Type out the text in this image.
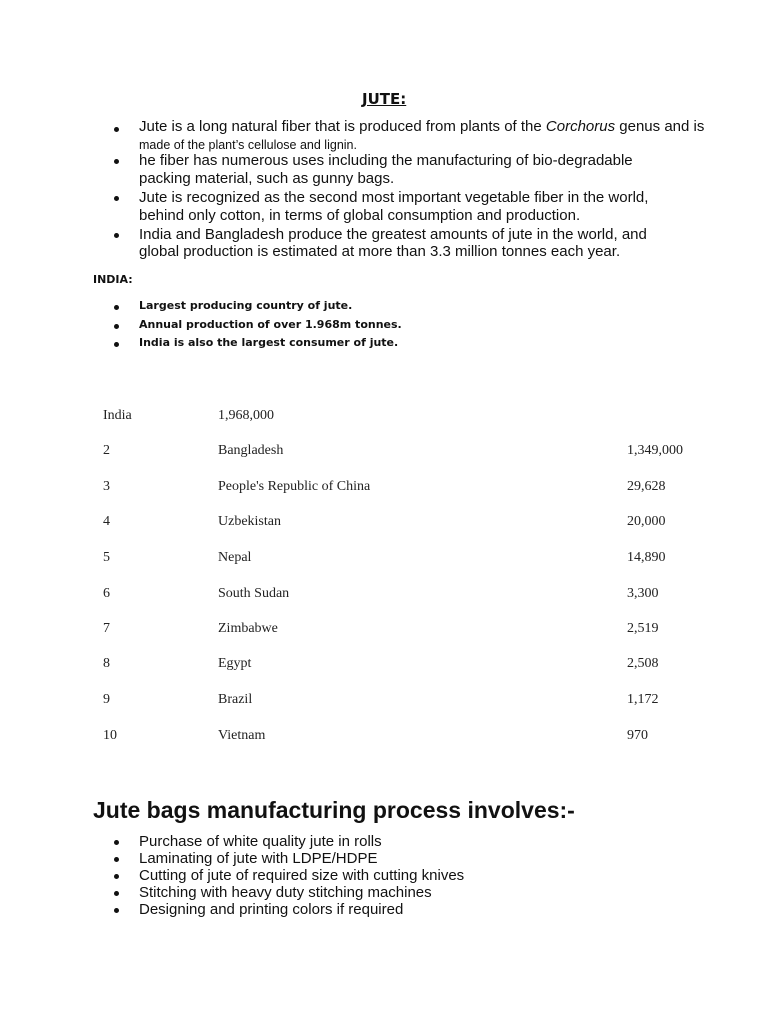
JUTE:
Jute is a long natural fiber that is produced from plants of the Corchorus genus and is
made of the plant’s cellulose and lignin.
he fiber has numerous uses including the manufacturing of bio-degradable
packing material, such as gunny bags.
Jute is recognized as the second most important vegetable fiber in the world,
behind only cotton, in terms of global consumption and production.
India and Bangladesh produce the greatest amounts of jute in the world, and
global production is estimated at more than 3.3 million tonnes each year.
INDIA:
Largest producing country of jute.
Annual production of over 1.968m tonnes.
India is also the largest consumer of jute.
India	1,968,000
2	Bangladesh	1,349,000
3	People's Republic of China	29,628
4	Uzbekistan	20,000
5	Nepal	14,890
6	South Sudan	3,300
7	Zimbabwe	2,519
8	Egypt	2,508
9	Brazil	1,172
10	Vietnam	970
Jute bags manufacturing process involves:-
Purchase of white quality jute in rolls
Laminating of jute with LDPE/HDPE
Cutting of jute of required size with cutting knives
Stitching with heavy duty stitching machines
Designing and printing colors if required
